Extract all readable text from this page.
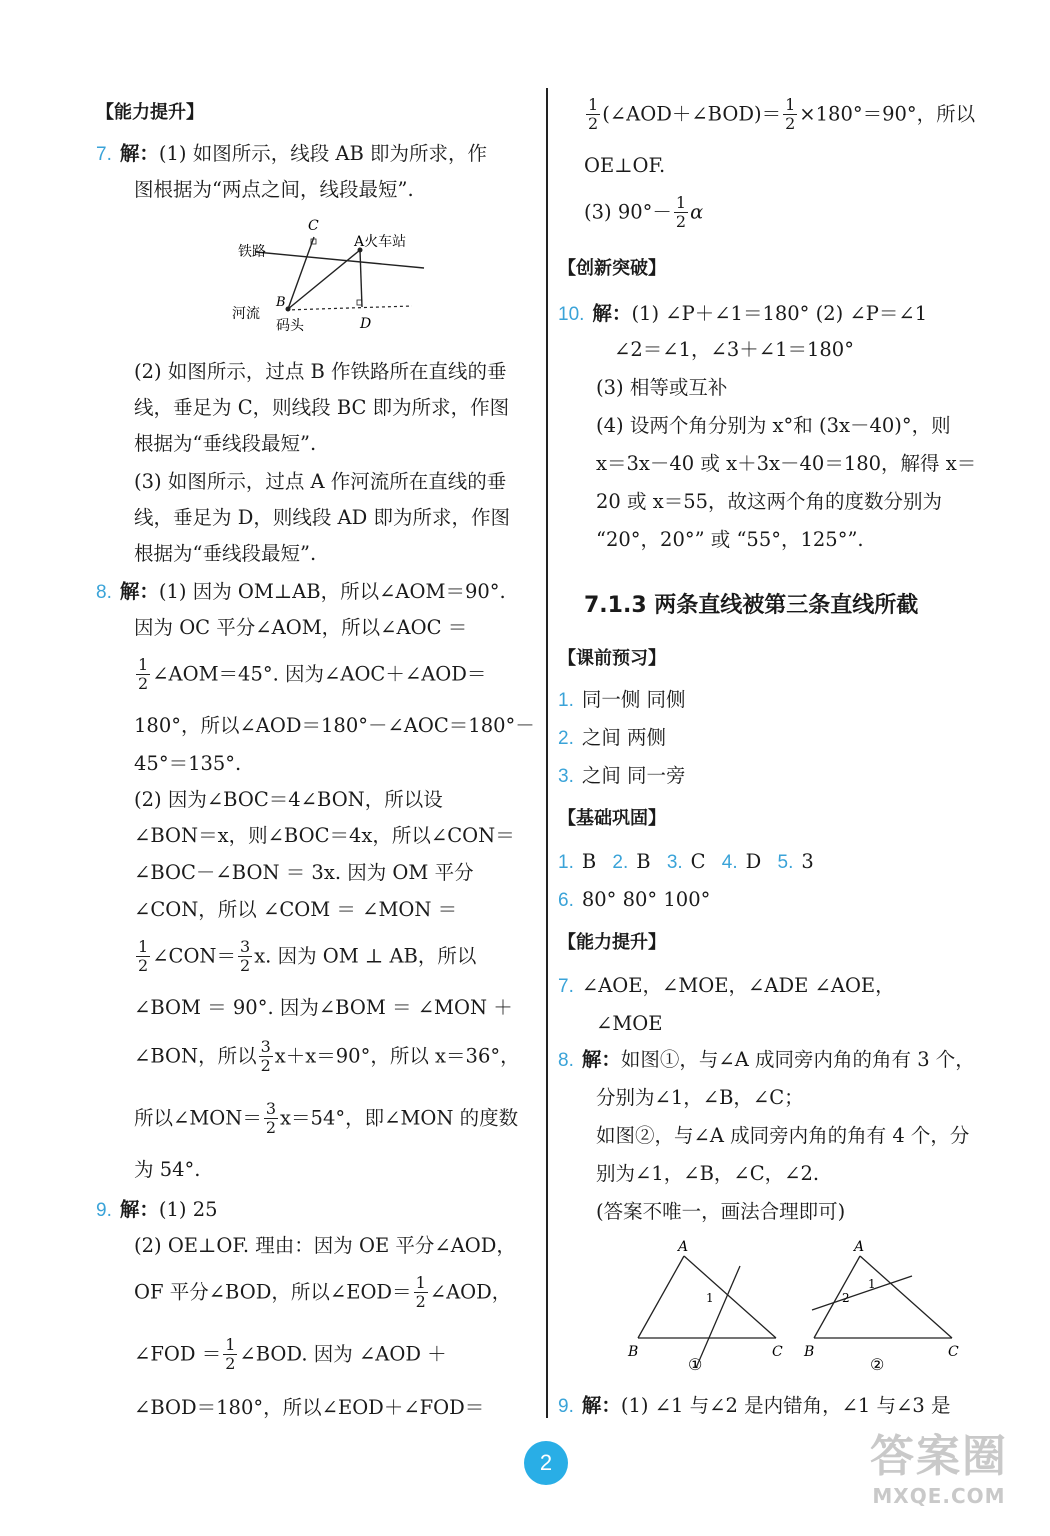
【能力提升】
7. 解：(1) 如图所示，线段 AB 即为所求，作
图根据为“两点之间，线段最短”.
C
铁路
河流
B
码头
A火车站
D
(2) 如图所示，过点 B 作铁路所在直线的垂
线，垂足为 C，则线段 BC 即为所求，作图
根据为“垂线段最短”.
(3) 如图所示，过点 A 作河流所在直线的垂
线，垂足为 D，则线段 AD 即为所求，作图
根据为“垂线段最短”.
8. 解：(1) 因为 OM⊥AB，所以∠AOM＝90°.
因为 OC 平分∠AOM，所以∠AOC ＝
$\frac{1}{2}$ ∠AOM＝45°. 因为∠AOC＋∠AOD＝
180°，所以∠AOD＝180°－∠AOC＝180°－
45°＝135°.
(2) 因为∠BOC＝4∠BON，所以设
∠BON＝x，则∠BOC＝4x，所以∠CON＝
∠BOC－∠BON ＝ 3x. 因为 OM 平分
∠CON，所以 ∠COM ＝ ∠MON ＝
$\frac{1}{2}$ ∠CON＝ $\frac{3}{2} x$. 因为 OM ⊥ AB，所以
∠BOM ＝ 90°. 因为∠BOM ＝ ∠MON ＋
∠BON，所以 $\frac{3}{2} x+x=90^\circ$，所以 x＝36°，
所以∠MON＝ $\frac{3}{2} x=54^\circ$，即∠MON 的度数
为 54°.
9. 解：(1) 25
(2) OE⊥OF. 理由：因为 OE 平分∠AOD，
OF 平分∠BOD，所以∠EOD＝ $\frac{1}{2}$ ∠AOD，
∠FOD ＝ $\frac{1}{2}$ ∠BOD. 因为 ∠AOD ＋
∠BOD＝180°，所以∠EOD＋∠FOD＝
$\frac{1}{2}$ (∠AOD＋∠BOD)＝ $\frac{1}{2} \times 180^\circ=90^\circ$，所以
OE⊥OF.
(3) $90^\circ- \frac{1}{2}$ α
【创新突破】
10. 解：(1) ∠P＋∠1＝180° (2) ∠P＝∠1
∠2＝∠1，∠3＋∠1＝180°
(3) 相等或互补
(4) 设两个角分别为 x°和 (3x－40)°，则
x＝3x－40 或 x＋3x－40＝180，解得 x＝
20 或 x＝55，故这两个角的度数分别为
“20°，20°” 或 “55°，125°”.
7.1.3 两条直线被第三条直线所截
【课前预习】
1. 同一侧 同侧
2. 之间 两侧
3. 之间 同一旁
【基础巩固】
1. B 2. B 3. C 4. D 5. 3
6. 80° 80° 100°
【能力提升】
7. ∠AOE，∠MOE，∠ADE ∠AOE，
∠MOE
8. 解：如图①，与∠A 成同旁内角的角有 3 个，
分别为∠1，∠B，∠C；
如图②，与∠A 成同旁内角的角有 4 个，分
别为∠1，∠B，∠C，∠2.
(答案不唯一，画法合理即可)
A
B	C
1
①
A
B	C
1
2
②
9. 解：(1) ∠1 与∠2 是内错角，∠1 与∠3 是
2	答案圈
MXQE.COM
